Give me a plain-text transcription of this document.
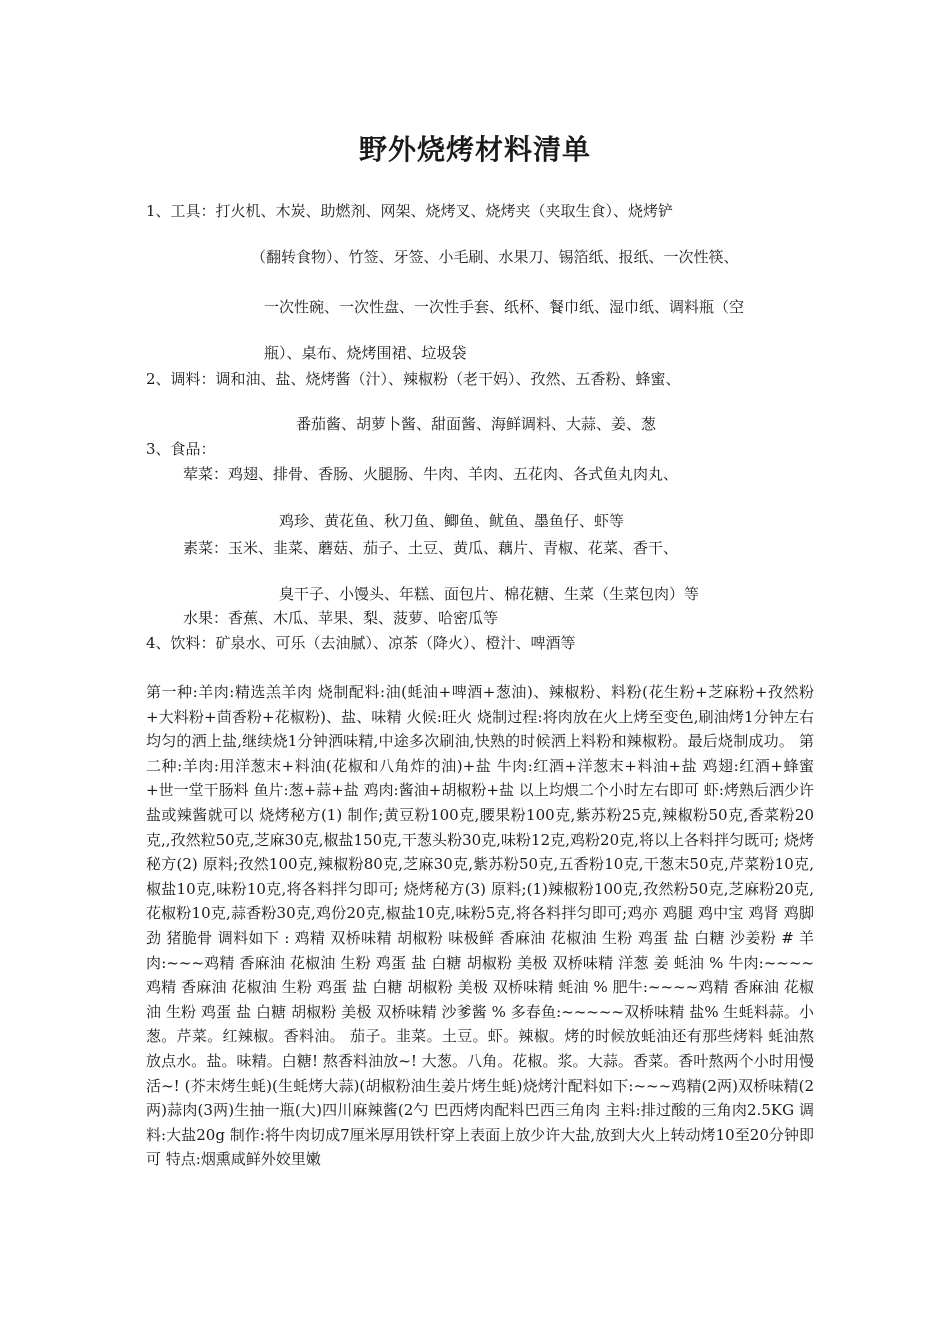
野外烧烤材料清单
1、工具：打火机、木炭、助燃剂、网架、烧烤叉、烧烤夹（夹取生食）、烧烤铲
（翻转食物）、竹签、牙签、小毛刷、水果刀、锡箔纸、报纸、一次性筷、
一次性碗、一次性盘、一次性手套、纸杯、餐巾纸、湿巾纸、调料瓶（空
瓶）、桌布、烧烤围裙、垃圾袋
2、调料：调和油、盐、烧烤酱（汁）、辣椒粉（老干妈）、孜然、五香粉、蜂蜜、
番茄酱、胡萝卜酱、甜面酱、海鲜调料、大蒜、姜、葱
3、食品：
荤菜：鸡翅、排骨、香肠、火腿肠、牛肉、羊肉、五花肉、各式鱼丸肉丸、
鸡珍、黄花鱼、秋刀鱼、鲫鱼、鱿鱼、墨鱼仔、虾等
素菜：玉米、韭菜、蘑菇、茄子、土豆、黄瓜、藕片、青椒、花菜、香干、
臭干子、小馒头、年糕、面包片、棉花糖、生菜（生菜包肉）等
水果：香蕉、木瓜、苹果、梨、菠萝、哈密瓜等
4、饮料：矿泉水、可乐（去油腻）、凉茶（降火）、橙汁、啤酒等
第一种:羊肉:精选羔羊肉 烧制配料:油(蚝油+啤酒+葱油)、辣椒粉、料粉(花生粉+芝麻粉+孜然粉+大料粉+茴香粉+花椒粉)、盐、味精 火候:旺火 烧制过程:将肉放在火上烤至变色,刷油烤1分钟左右均匀的洒上盐,继续烧1分钟洒味精,中途多次刷油,快熟的时候洒上料粉和辣椒粉。最后烧制成功。 第二种:羊肉:用洋葱末+料油(花椒和八角炸的油)+盐 牛肉:红酒+洋葱末+料油+盐 鸡翅:红酒+蜂蜜+世一堂干肠料 鱼片:葱+蒜+盐 鸡肉:酱油+胡椒粉+盐 以上均煨二个小时左右即可 虾:烤熟后洒少许盐或辣酱就可以 烧烤秘方(1) 制作;黄豆粉100克,腰果粉100克,紫苏粉25克,辣椒粉50克,香菜粉20克,,孜然粒50克,芝麻30克,椒盐150克,干葱头粉30克,味粉12克,鸡粉20克,将以上各料拌匀既可; 烧烤秘方(2) 原料;孜然100克,辣椒粉80克,芝麻30克,紫苏粉50克,五香粉10克,干葱末50克,芹菜粉10克,椒盐10克,味粉10克,将各料拌匀即可; 烧烤秘方(3) 原料;(1)辣椒粉100克,孜然粉50克,芝麻粉20克,花椒粉10克,蒜香粉30克,鸡份20克,椒盐10克,味粉5克,将各料拌匀即可;鸡亦 鸡腿 鸡中宝 鸡肾 鸡脚劲 猪脆骨 调料如下 : 鸡精 双桥味精 胡椒粉 味极鲜 香麻油 花椒油 生粉 鸡蛋 盐 白糖 沙姜粉 # 羊肉:~~~鸡精 香麻油 花椒油 生粉 鸡蛋 盐 白糖 胡椒粉 美极 双桥味精 洋葱 姜 蚝油 % 牛肉:~~~~鸡精 香麻油 花椒油 生粉 鸡蛋 盐 白糖 胡椒粉 美极 双桥味精 蚝油 % 肥牛:~~~~鸡精 香麻油 花椒油 生粉 鸡蛋 盐 白糖 胡椒粉 美极 双桥味精 沙爹酱 % 多春鱼:~~~~~双桥味精 盐% 生蚝料蒜。小葱。芹菜。红辣椒。香料油。 茄子。韭菜。土豆。虾。辣椒。烤的时候放蚝油还有那些烤料 蚝油熬放点水。盐。味精。白糖! 熬香料油放~! 大葱。八角。花椒。浆。大蒜。香菜。香叶熬两个小时用慢活~! (芥末烤生蚝)(生蚝烤大蒜)(胡椒粉油生姜片烤生蚝)烧烤汁配料如下:~~~鸡精(2两)双桥味精(2两)蒜肉(3两)生抽一瓶(大)四川麻辣酱(2勺 巴西烤肉配料巴西三角肉 主料:排过酸的三角肉2.5KG 调料:大盐20g 制作:将牛肉切成7厘米厚用铁杆穿上表面上放少许大盐,放到大火上转动烤10至20分钟即可 特点:烟熏咸鲜外姣里嫩
